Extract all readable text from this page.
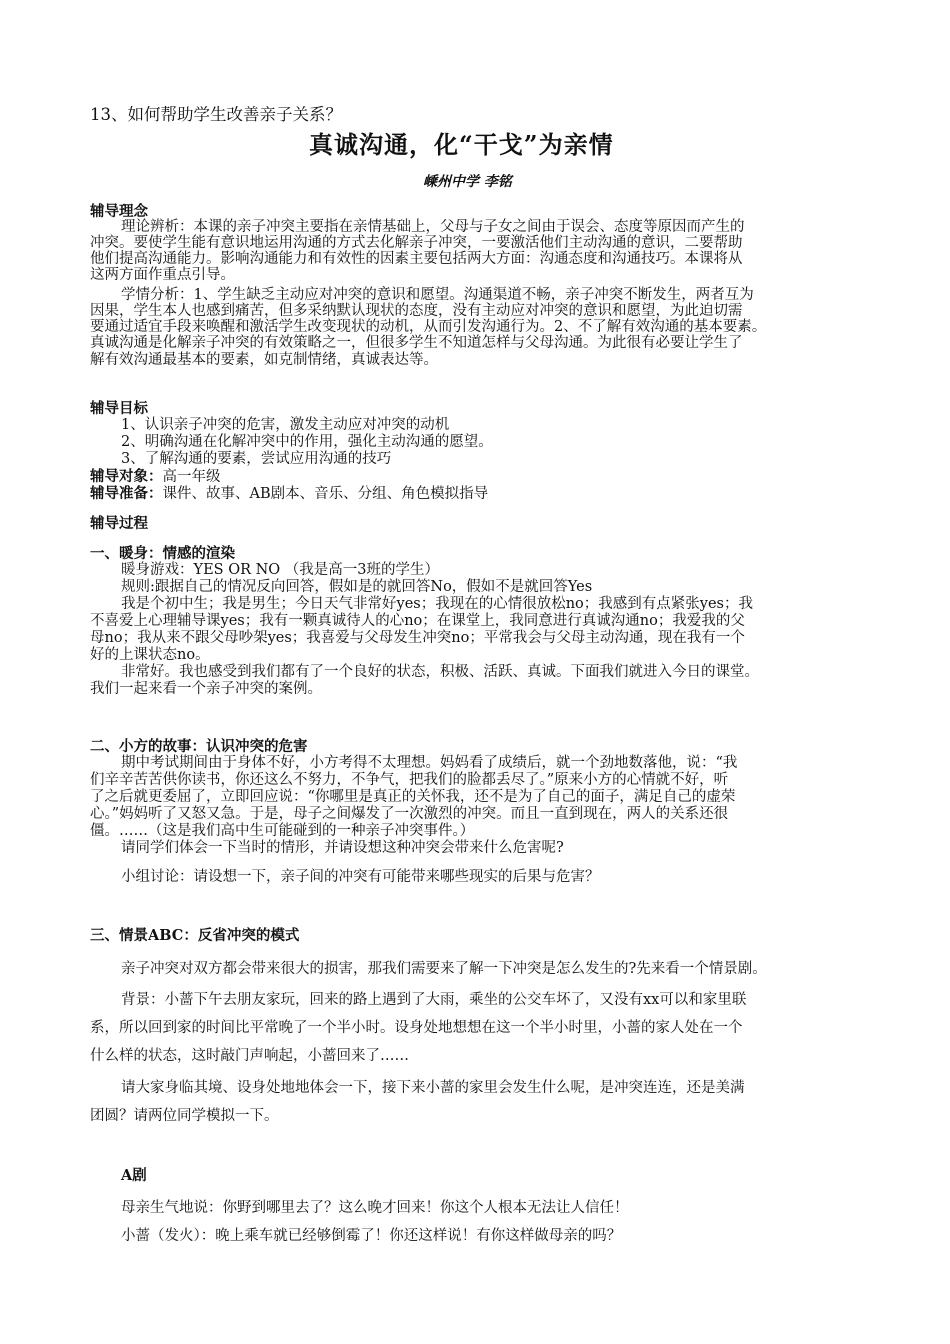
13、如何帮助学生改善亲子关系？
真诚沟通，化“干戈”为亲情
嵊州中学 李铭
辅导理念
理论辨析：本课的亲子冲突主要指在亲情基础上，父母与子女之间由于误会、态度等原因而产生的
冲突。要使学生能有意识地运用沟通的方式去化解亲子冲突，一要激活他们主动沟通的意识，二要帮助
他们提高沟通能力。影响沟通能力和有效性的因素主要包括两大方面：沟通态度和沟通技巧。本课将从
这两方面作重点引导。
学情分析：1、学生缺乏主动应对冲突的意识和愿望。沟通渠道不畅，亲子冲突不断发生，两者互为
因果，学生本人也感到痛苦，但多采纳默认现状的态度，没有主动应对冲突的意识和愿望，为此迫切需
要通过适宜手段来唤醒和激活学生改变现状的动机，从而引发沟通行为。2、不了解有效沟通的基本要素。
真诚沟通是化解亲子冲突的有效策略之一，但很多学生不知道怎样与父母沟通。为此很有必要让学生了
解有效沟通最基本的要素，如克制情绪，真诚表达等。
辅导目标
1、认识亲子冲突的危害，激发主动应对冲突的动机
2、明确沟通在化解冲突中的作用，强化主动沟通的愿望。
3、了解沟通的要素，尝试应用沟通的技巧
辅导对象：高一年级
辅导准备：课件、故事、AB剧本、音乐、分组、角色模拟指导
辅导过程
一、暖身：情感的渲染
暖身游戏：YES OR NO （我是高一3班的学生）
规则:跟据自己的情况反向回答，假如是的就回答No，假如不是就回答Yes
我是个初中生；我是男生；今日天气非常好yes；我现在的心情很放松no；我感到有点紧张yes；我
不喜爱上心理辅导课yes；我有一颗真诚待人的心no；在课堂上，我同意进行真诚沟通no；我爱我的父
母no；我从来不跟父母吵架yes；我喜爱与父母发生冲突no；平常我会与父母主动沟通，现在我有一个
好的上课状态no。
非常好。我也感受到我们都有了一个良好的状态，积极、活跃、真诚。下面我们就进入今日的课堂。
我们一起来看一个亲子冲突的案例。
二、小方的故事：认识冲突的危害
期中考试期间由于身体不好，小方考得不太理想。妈妈看了成绩后，就一个劲地数落他，说：“我
们辛辛苦苦供你读书，你还这么不努力，不争气，把我们的脸都丢尽了。”原来小方的心情就不好，听
了之后就更委屈了，立即回应说：“你哪里是真正的关怀我，还不是为了自己的面子，满足自己的虚荣
心。”妈妈听了又怒又急。于是，母子之间爆发了一次激烈的冲突。而且一直到现在，两人的关系还很
僵。……（这是我们高中生可能碰到的一种亲子冲突事件。）
请同学们体会一下当时的情形，并请设想这种冲突会带来什么危害呢?
小组讨论：请设想一下，亲子间的冲突有可能带来哪些现实的后果与危害？
三、情景ABC：反省冲突的模式
亲子冲突对双方都会带来很大的损害，那我们需要来了解一下冲突是怎么发生的?先来看一个情景剧。
背景：小蔷下午去朋友家玩，回来的路上遇到了大雨，乘坐的公交车坏了，又没有xx可以和家里联
系，所以回到家的时间比平常晚了一个半小时。设身处地想想在这一个半小时里，小蔷的家人处在一个
什么样的状态，这时敲门声响起，小蔷回来了……
请大家身临其境、设身处地地体会一下，接下来小蔷的家里会发生什么呢，是冲突连连，还是美满
团圆？请两位同学模拟一下。
A剧
母亲生气地说：你野到哪里去了？这么晚才回来！你这个人根本无法让人信任！
小蔷（发火）：晚上乘车就已经够倒霉了！你还这样说！有你这样做母亲的吗？
